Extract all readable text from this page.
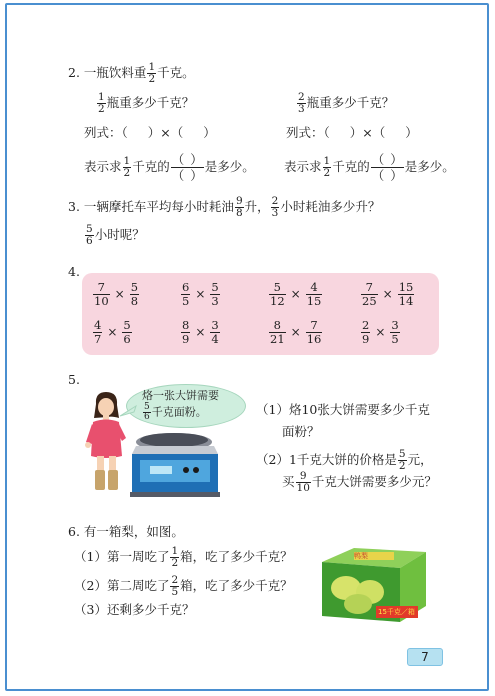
2. 一瓶饮料重 $\frac{1}{2}$ 千克。
$\frac{1}{2}$ 瓶重多少千克？	$\frac{2}{3}$ 瓶重多少千克？
列式：（ ）×（ ）	列式：（ ）×（ ）
表示求 $\frac{1}{2}$ 千克的 $\frac{( )}{( )}$ 是多少。 表示求 $\frac{1}{2}$ 千克的 $\frac{( )}{( )}$ 是多少。
3. 一辆摩托车平均每小时耗油 $\frac{9}{8}$ 升， $\frac{2}{3}$ 小时耗油多少升？
$\frac{5}{6}$ 小时呢？
4.
$\frac{7}{10} \times \frac{5}{8}$	$\frac{6}{5} \times \frac{5}{3}$	$\frac{5}{12} \times \frac{4}{15}$	$\frac{7}{25} \times \frac{15}{14}$
$\frac{4}{7} \times \frac{5}{6}$	$\frac{8}{9} \times \frac{3}{4}$	$\frac{8}{21} \times \frac{7}{16}$	$\frac{2}{9} \times \frac{3}{5}$
5.
烙一张大饼需要
$\frac{5}{6}$ 千克面粉。	（1）烙10张大饼需要多少千克
面粉？
（2）1千克大饼的价格是 $\frac{5}{2}$ 元，
买 $\frac{9}{10}$ 千克大饼需要多少元？
6. 有一箱梨，如图。
（1）第一周吃了 $\frac{1}{2}$ 箱，吃了多少千克？
（2）第二周吃了 $\frac{2}{5}$ 箱，吃了多少千克？
（3）还剩多少千克？
鸭梨
15千克／箱
7
